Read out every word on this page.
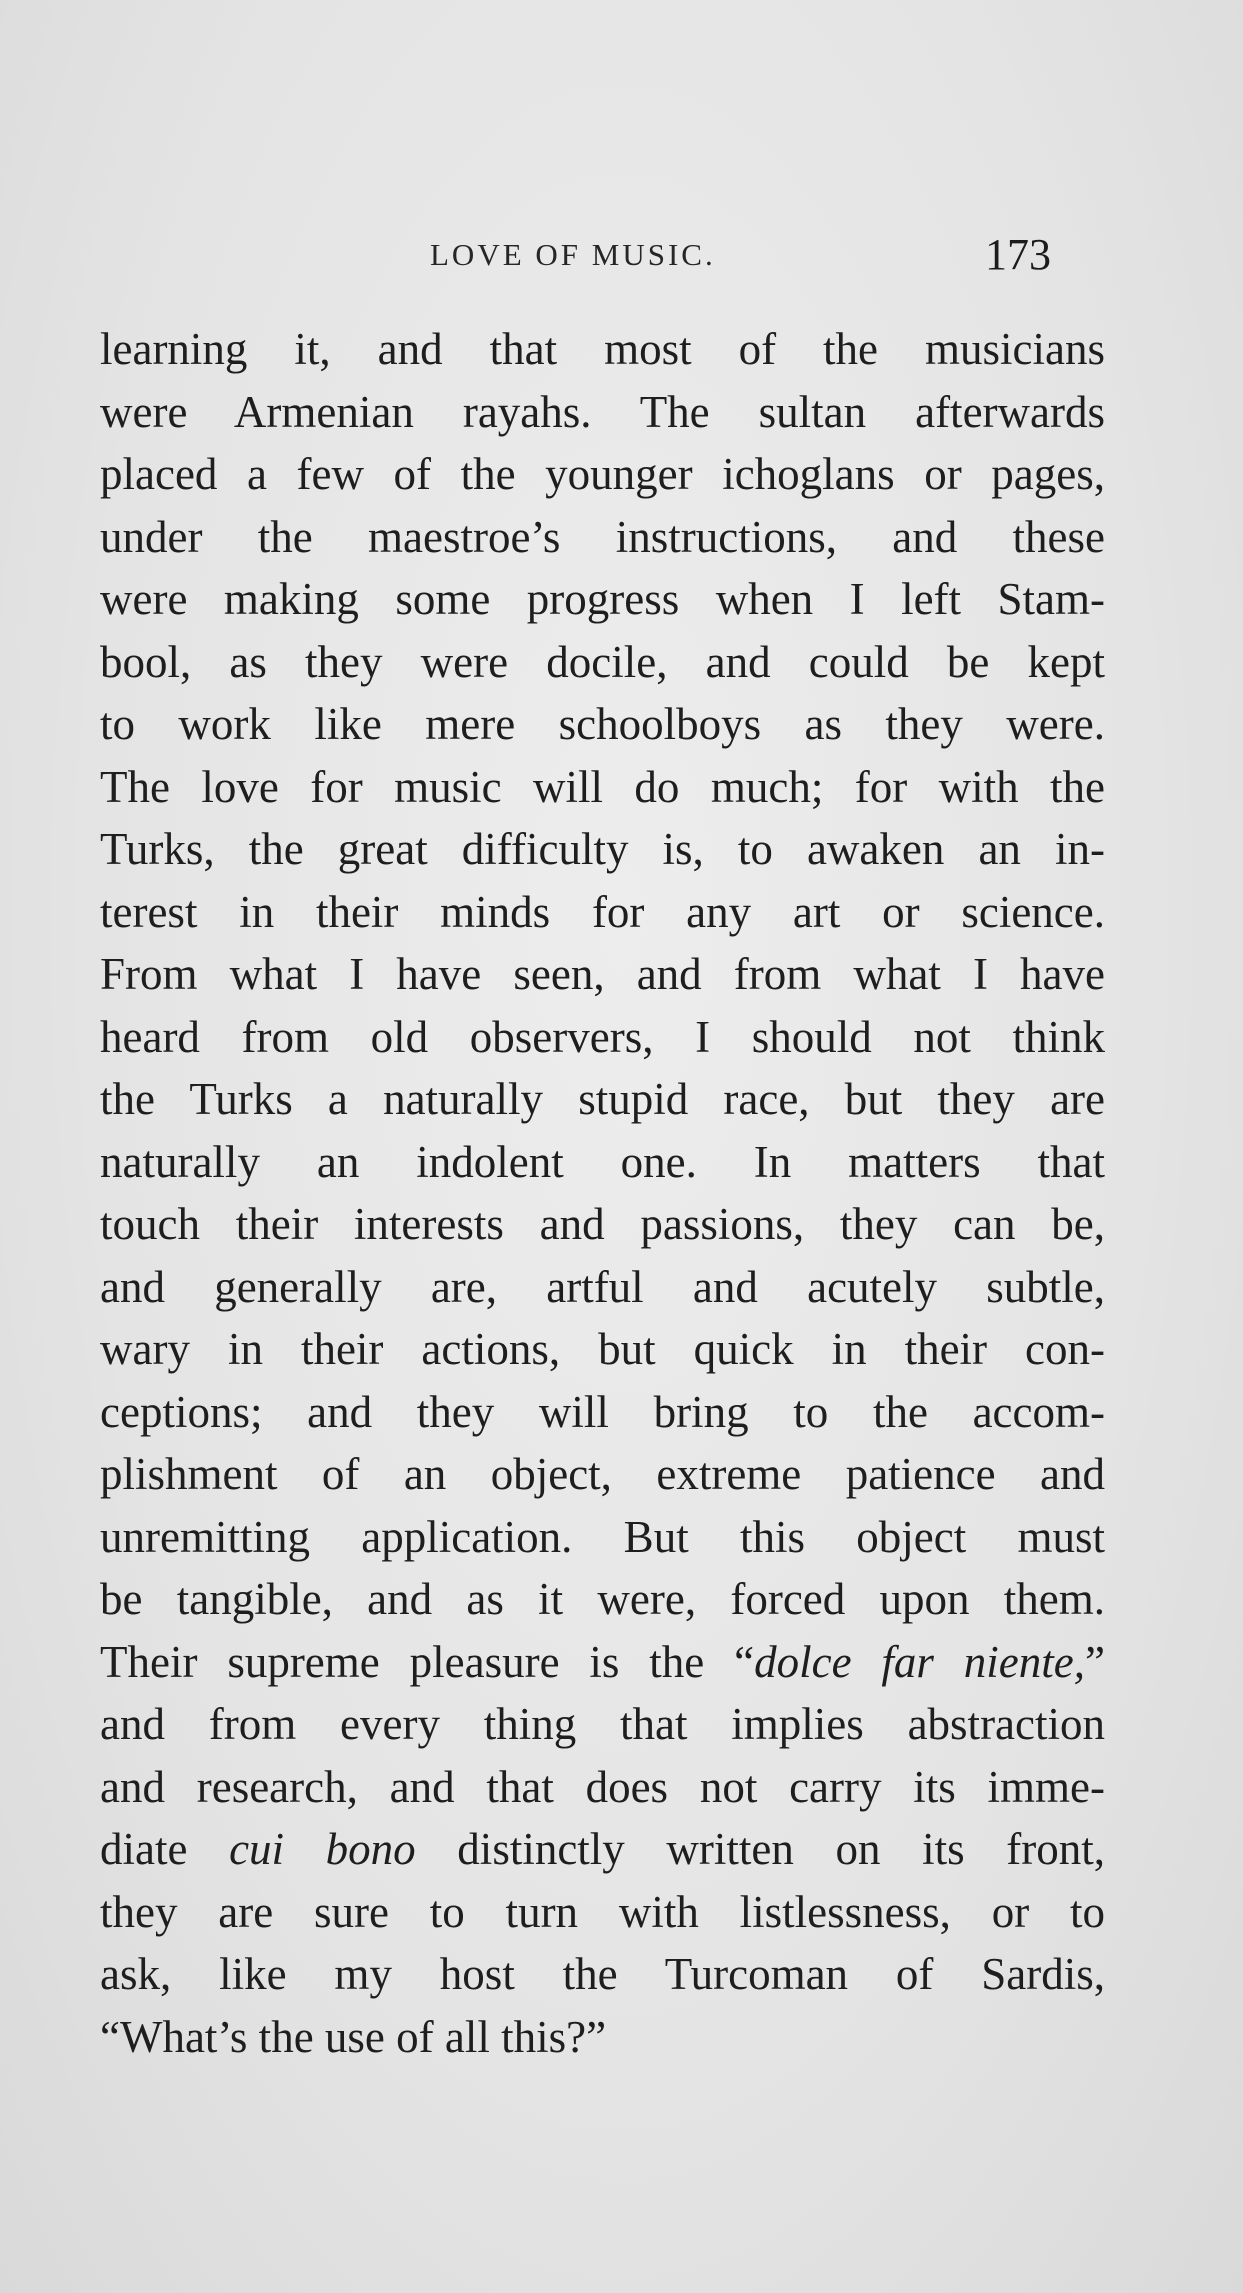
LOVE OF MUSIC.	173
learning it, and that most of the musicians
were Armenian rayahs. The sultan afterwards
placed a few of the younger ichoglans or pages,
under the maestroe’s instructions, and these
were making some progress when I left Stam-
bool, as they were docile, and could be kept
to work like mere schoolboys as they were.
The love for music will do much; for with the
Turks, the great difficulty is, to awaken an in-
terest in their minds for any art or science.
From what I have seen, and from what I have
heard from old observers, I should not think
the Turks a naturally stupid race, but they are
naturally an indolent one. In matters that
touch their interests and passions, they can be,
and generally are, artful and acutely subtle,
wary in their actions, but quick in their con-
ceptions; and they will bring to the accom-
plishment of an object, extreme patience and
unremitting application. But this object must
be tangible, and as it were, forced upon them.
Their supreme pleasure is the “dolce far niente,”
and from every thing that implies abstraction
and research, and that does not carry its imme-
diate cui bono distinctly written on its front,
they are sure to turn with listlessness, or to
ask, like my host the Turcoman of Sardis,
“What’s the use of all this?”
